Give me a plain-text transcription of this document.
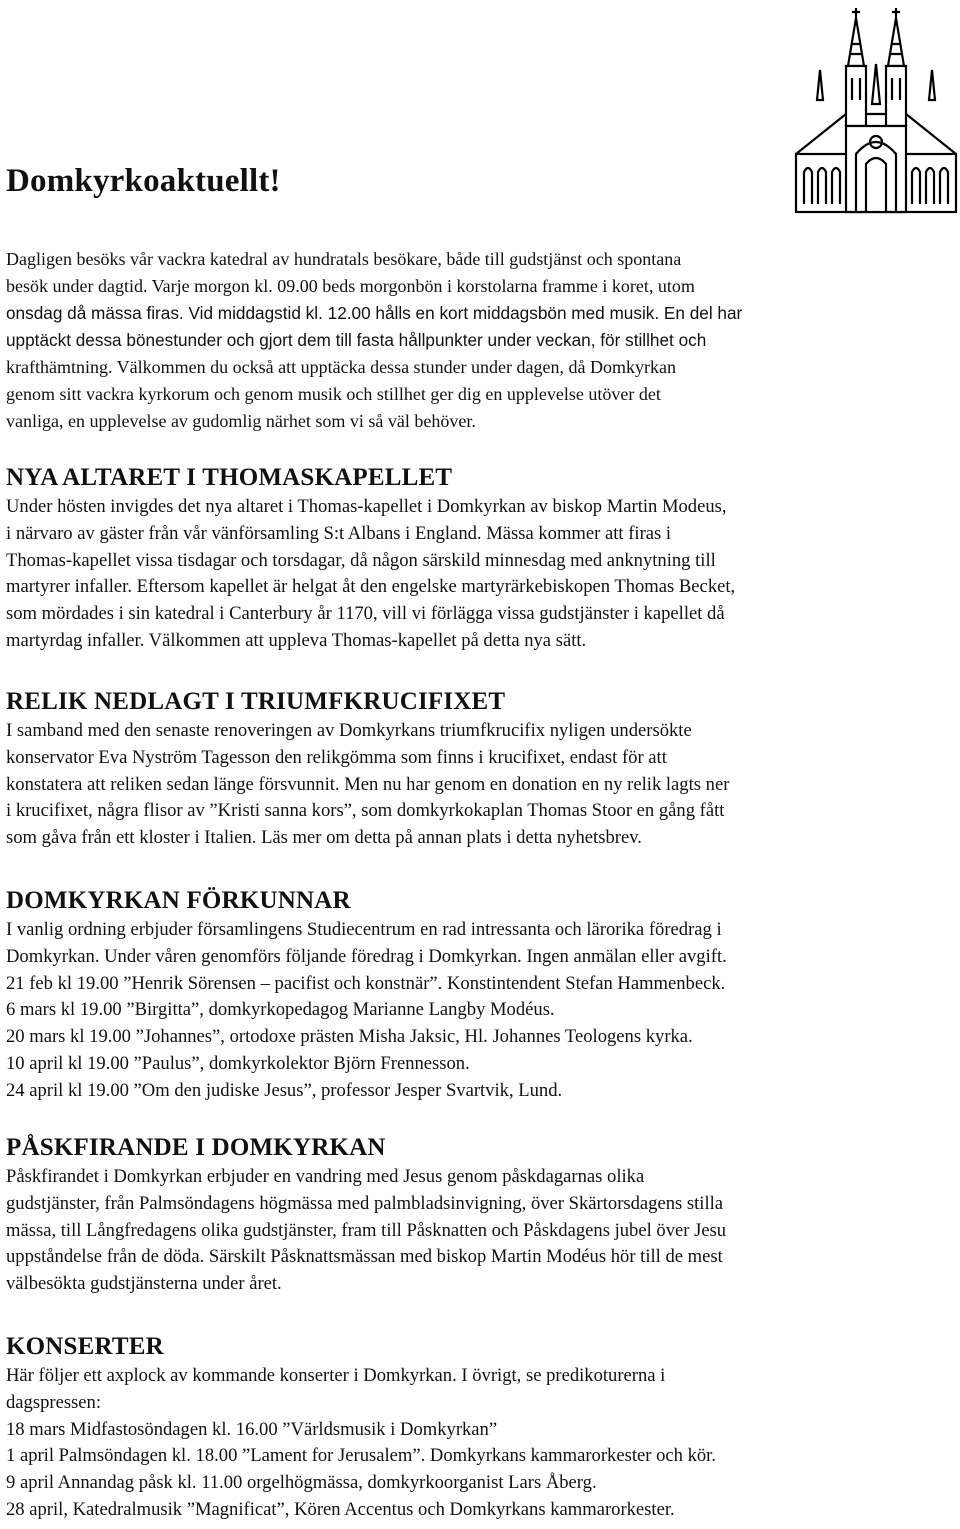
Domkyrkoaktuellt!
Dagligen besöks vår vackra katedral av hundratals besökare, både till gudstjänst och spontana
besök under dagtid. Varje morgon kl. 09.00 beds morgonbön i korstolarna framme i koret, utom
onsdag då mässa firas. Vid middagstid kl. 12.00 hålls en kort middagsbön med musik. En del har
upptäckt dessa bönestunder och gjort dem till fasta hållpunkter under veckan, för stillhet och
krafthämtning. Välkommen du också att upptäcka dessa stunder under dagen, då Domkyrkan
genom sitt vackra kyrkorum och genom musik och stillhet ger dig en upplevelse utöver det
vanliga, en upplevelse av gudomlig närhet som vi så väl behöver.
NYA ALTARET I THOMASKAPELLET

Under hösten invigdes det nya altaret i Thomas-kapellet i Domkyrkan av biskop Martin Modeus,
i närvaro av gäster från vår vänförsamling S:t Albans i England. Mässa kommer att firas i
Thomas-kapellet vissa tisdagar och torsdagar, då någon särskild minnesdag med anknytning till
martyrer infaller. Eftersom kapellet är helgat åt den engelske martyrärkebiskopen Thomas Becket,
som mördades i sin katedral i Canterbury år 1170, vill vi förlägga vissa gudstjänster i kapellet då
martyrdag infaller. Välkommen att uppleva Thomas-kapellet på detta nya sätt.

RELIK NEDLAGT I TRIUMFKRUCIFIXET

I samband med den senaste renoveringen av Domkyrkans triumfkrucifix nyligen undersökte
konservator Eva Nyström Tagesson den relikgömma som finns i krucifixet, endast för att
konstatera att reliken sedan länge försvunnit. Men nu har genom en donation en ny relik lagts ner
i krucifixet, några flisor av ”Kristi sanna kors”, som domkyrkokaplan Thomas Stoor en gång fått
som gåva från ett kloster i Italien. Läs mer om detta på annan plats i detta nyhetsbrev.

DOMKYRKAN FÖRKUNNAR

I vanlig ordning erbjuder församlingens Studiecentrum en rad intressanta och lärorika föredrag i
Domkyrkan. Under våren genomförs följande föredrag i Domkyrkan. Ingen anmälan eller avgift.
21 feb kl 19.00 ”Henrik Sörensen – pacifist och konstnär”. Konstintendent Stefan Hammenbeck.
6 mars kl 19.00 ”Birgitta”, domkyrkopedagog Marianne Langby Modéus.
20 mars kl 19.00 ”Johannes”, ortodoxe prästen Misha Jaksic, Hl. Johannes Teologens kyrka.
10 april kl 19.00 ”Paulus”, domkyrkolektor Björn Frennesson.
24 april kl 19.00 ”Om den judiske Jesus”, professor Jesper Svartvik, Lund.

PÅSKFIRANDE I DOMKYRKAN

Påskfirandet i Domkyrkan erbjuder en vandring med Jesus genom påskdagarnas olika
gudstjänster, från Palmsöndagens högmässa med palmbladsinvigning, över Skärtorsdagens stilla
mässa, till Långfredagens olika gudstjänster, fram till Påsknatten och Påskdagens jubel över Jesu
uppståndelse från de döda. Särskilt Påsknattsmässan med biskop Martin Modéus hör till de mest
välbesökta gudstjänsterna under året.

KONSERTER

Här följer ett axplock av kommande konserter i Domkyrkan. I övrigt, se predikoturerna i
dagspressen:
18 mars Midfastosöndagen kl. 16.00 ”Världsmusik i Domkyrkan”
1 april Palmsöndagen kl. 18.00 ”Lament for Jerusalem”. Domkyrkans kammarorkester och kör.
9 april Annandag påsk kl. 11.00 orgelhögmässa, domkyrkoorganist Lars Åberg.
28 april, Katedralmusik ”Magnificat”, Kören Accentus och Domkyrkans kammarorkester.
